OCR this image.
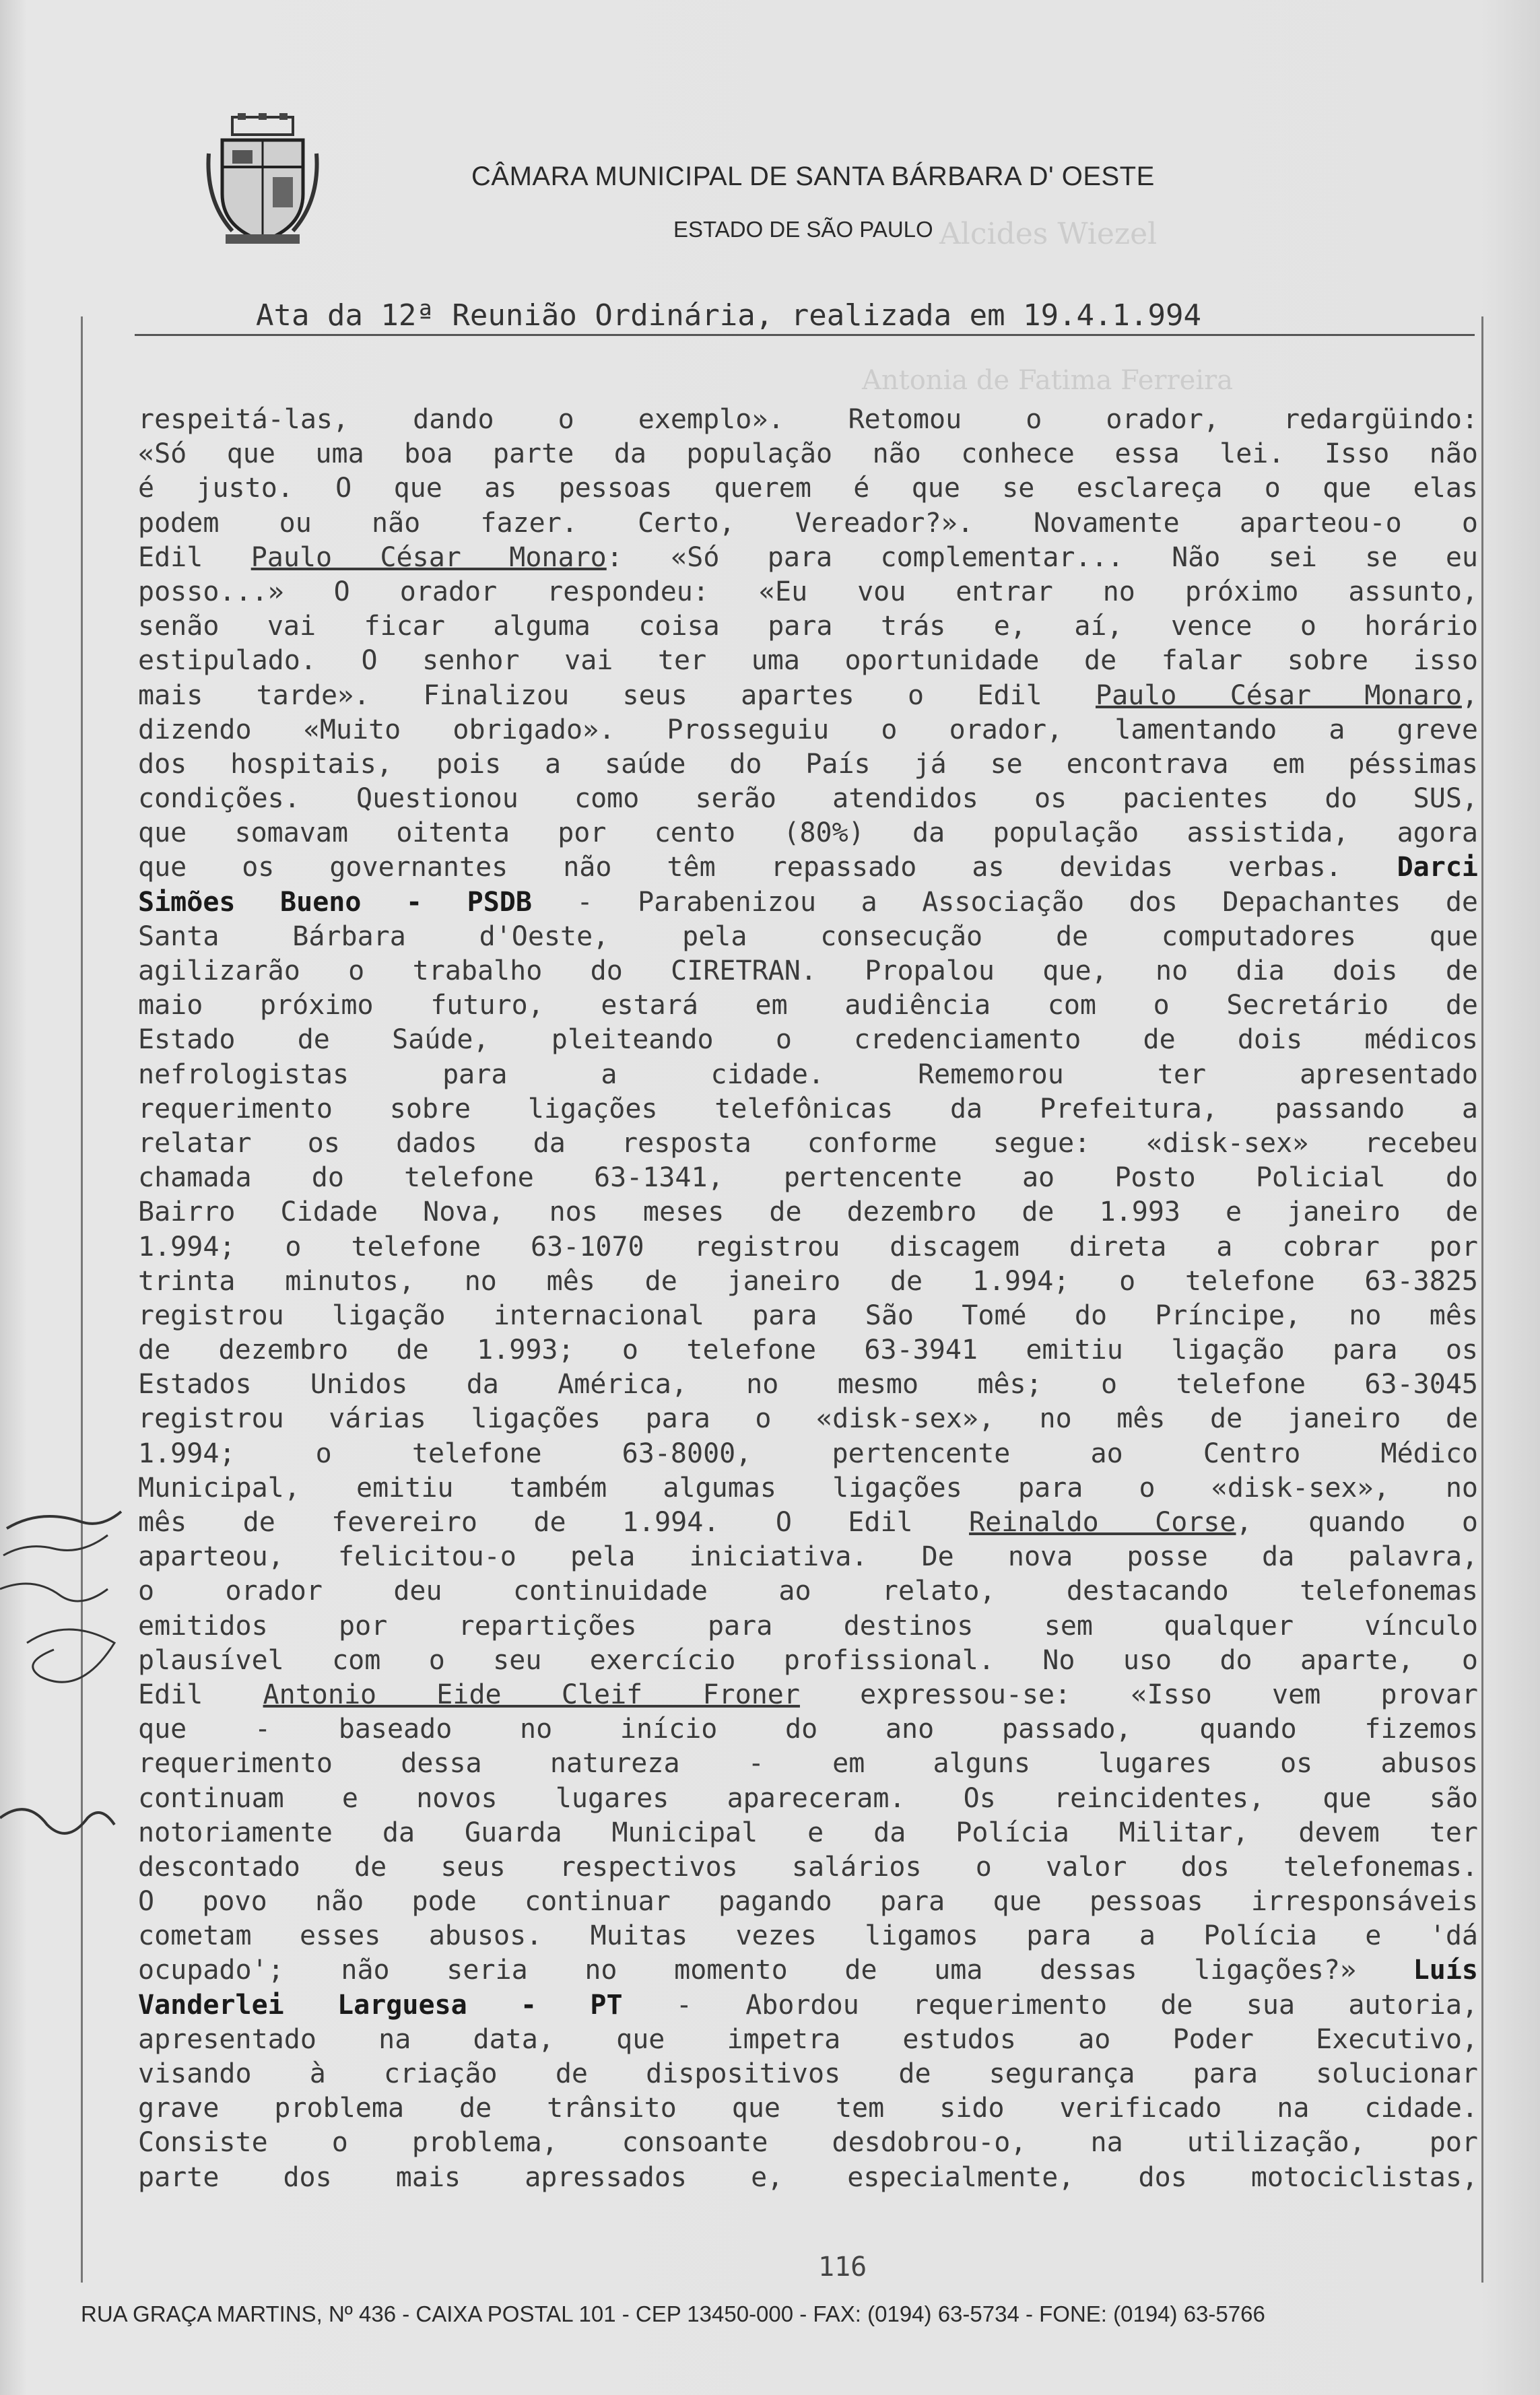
CÂMARA MUNICIPAL DE SANTA BÁRBARA D' OESTE
ESTADO DE SÃO PAULO Alcides Wiezel
Antonia de Fatima Ferreira
Ata da 12ª Reunião Ordinária, realizada em 19.4.1.994
respeitá-las, dando o exemplo». Retomou o orador, redargüindo:
«Só que uma boa parte da população não conhece essa lei. Isso não
é justo. O que as pessoas querem é que se esclareça o que elas
podem ou não fazer. Certo, Vereador?». Novamente aparteou-o o
Edil Paulo César Monaro: «Só para complementar... Não sei se eu
posso...» O orador respondeu: «Eu vou entrar no próximo assunto,
senão vai ficar alguma coisa para trás e, aí, vence o horário
estipulado. O senhor vai ter uma oportunidade de falar sobre isso
mais tarde». Finalizou seus apartes o Edil Paulo César Monaro,
dizendo «Muito obrigado». Prosseguiu o orador, lamentando a greve
dos hospitais, pois a saúde do País já se encontrava em péssimas
condições. Questionou como serão atendidos os pacientes do SUS,
que somavam oitenta por cento (80%) da população assistida, agora
que os governantes não têm repassado as devidas verbas. Darci
Simões Bueno - PSDB - Parabenizou a Associação dos Depachantes de
Santa Bárbara d'Oeste, pela consecução de computadores que
agilizarão o trabalho do CIRETRAN. Propalou que, no dia dois de
maio próximo futuro, estará em audiência com o Secretário de
Estado de Saúde, pleiteando o credenciamento de dois médicos
nefrologistas para a cidade. Rememorou ter apresentado
requerimento sobre ligações telefônicas da Prefeitura, passando a
relatar os dados da resposta conforme segue: «disk-sex» recebeu
chamada do telefone 63-1341, pertencente ao Posto Policial do
Bairro Cidade Nova, nos meses de dezembro de 1.993 e janeiro de
1.994; o telefone 63-1070 registrou discagem direta a cobrar por
trinta minutos, no mês de janeiro de 1.994; o telefone 63-3825
registrou ligação internacional para São Tomé do Príncipe, no mês
de dezembro de 1.993; o telefone 63-3941 emitiu ligação para os
Estados Unidos da América, no mesmo mês; o telefone 63-3045
registrou várias ligações para o «disk-sex», no mês de janeiro de
1.994; o telefone 63-8000, pertencente ao Centro Médico
Municipal, emitiu também algumas ligações para o «disk-sex», no
mês de fevereiro de 1.994. O Edil Reinaldo Corse, quando o
aparteou, felicitou-o pela iniciativa. De nova posse da palavra,
o orador deu continuidade ao relato, destacando telefonemas
emitidos por repartições para destinos sem qualquer vínculo
plausível com o seu exercício profissional. No uso do aparte, o
Edil Antonio Eide Cleif Froner expressou-se: «Isso vem provar
que - baseado no início do ano passado, quando fizemos
requerimento dessa natureza - em alguns lugares os abusos
continuam e novos lugares apareceram. Os reincidentes, que são
notoriamente da Guarda Municipal e da Polícia Militar, devem ter
descontado de seus respectivos salários o valor dos telefonemas.
O povo não pode continuar pagando para que pessoas irresponsáveis
cometam esses abusos. Muitas vezes ligamos para a Polícia e 'dá
ocupado'; não seria no momento de uma dessas ligações?» Luís
Vanderlei Larguesa - PT - Abordou requerimento de sua autoria,
apresentado na data, que impetra estudos ao Poder Executivo,
visando à criação de dispositivos de segurança para solucionar
grave problema de trânsito que tem sido verificado na cidade.
Consiste o problema, consoante desdobrou-o, na utilização, por
parte dos mais apressados e, especialmente, dos motociclistas,
116
RUA GRAÇA MARTINS, Nº 436 - CAIXA POSTAL 101 - CEP 13450-000 - FAX: (0194) 63-5734 - FONE: (0194) 63-5766
